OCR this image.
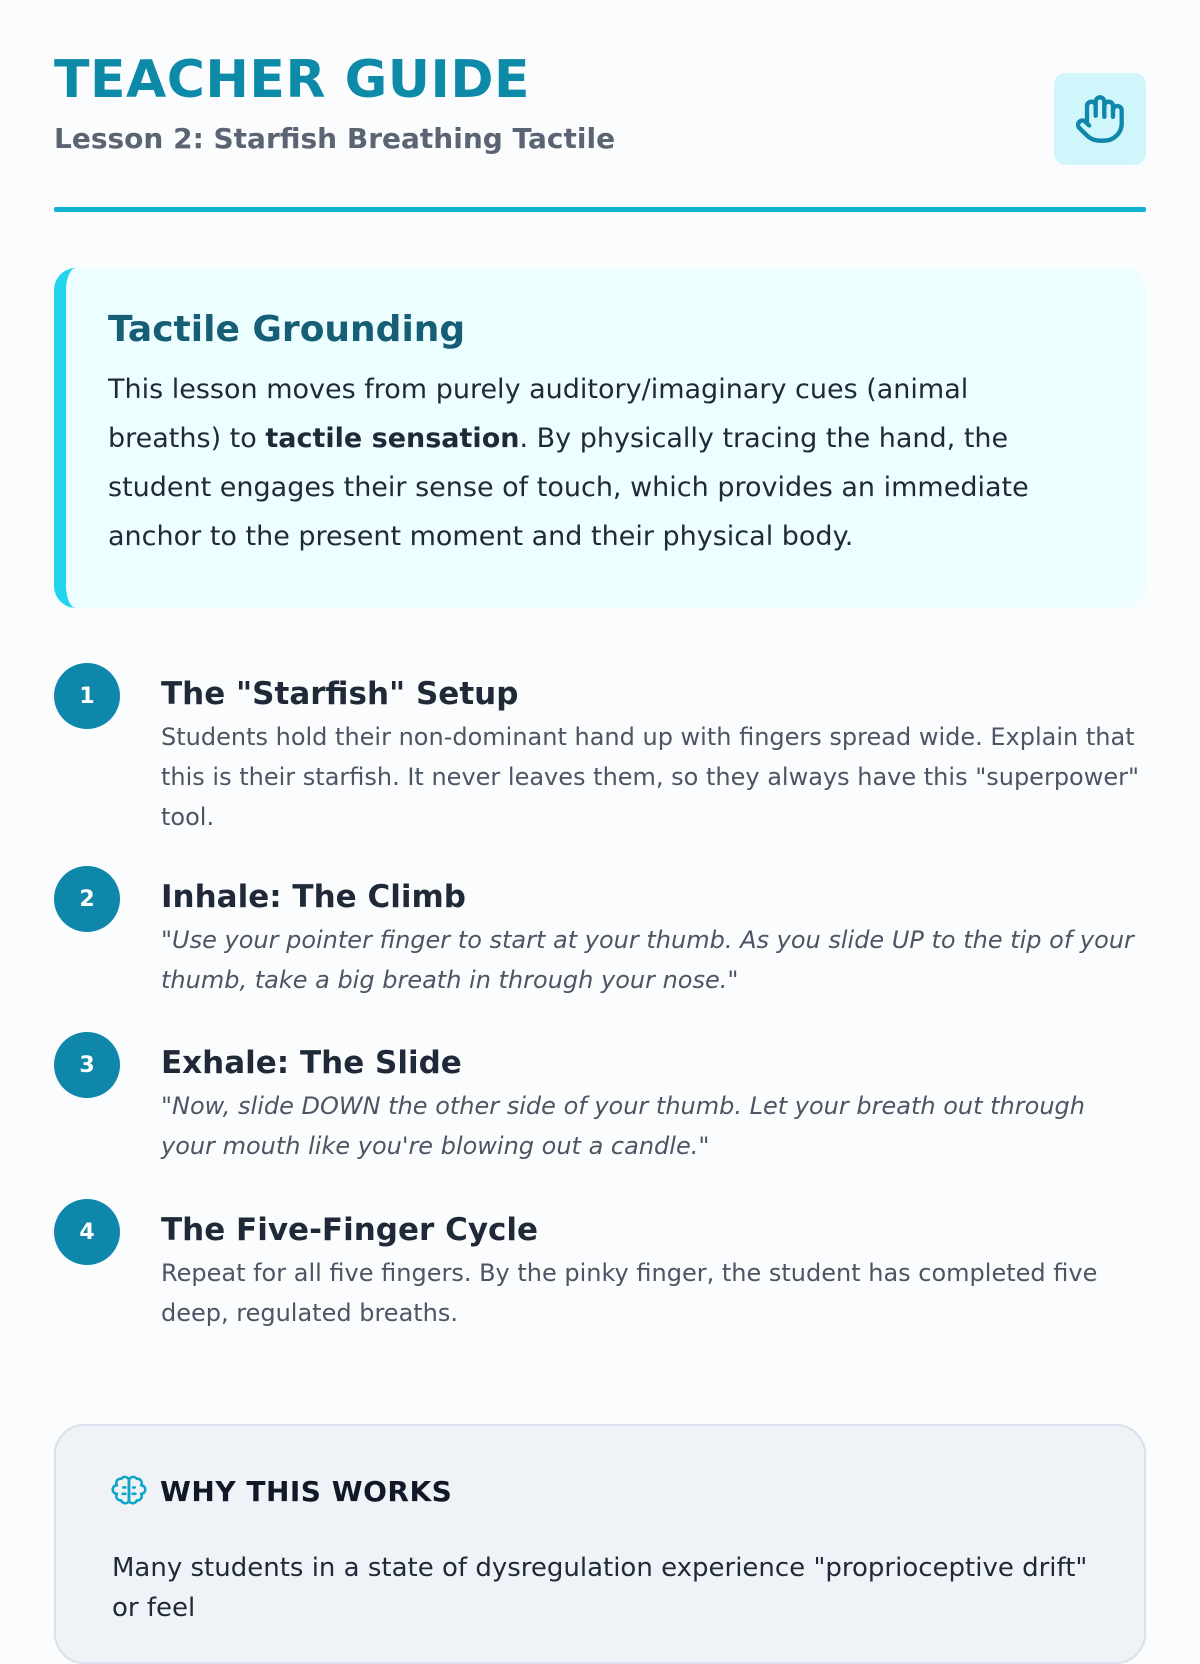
TEACHER GUIDE
Lesson 2: Starfish Breathing Tactile
Tactile Grounding

This lesson moves from purely auditory/imaginary cues (animal breaths) to tactile sensation. By physically tracing the hand, the student engages their sense of touch, which provides an immediate anchor to the present moment and their physical body.

1	The "Starfish" Setup

Students hold their non-dominant hand up with fingers spread wide. Explain that this is their starfish. It never leaves them, so they always have this "superpower" tool.

2	Inhale: The Climb

"Use your pointer finger to start at your thumb. As you slide UP to the tip of your thumb, take a big breath in through your nose."

3	Exhale: The Slide

"Now, slide DOWN the other side of your thumb. Let your breath out through your mouth like you're blowing out a candle."

4	The Five-Finger Cycle

Repeat for all five fingers. By the pinky finger, the student has completed five deep, regulated breaths.

WHY THIS WORKS
Many students in a state of dysregulation experience "proprioceptive drift" or feel
